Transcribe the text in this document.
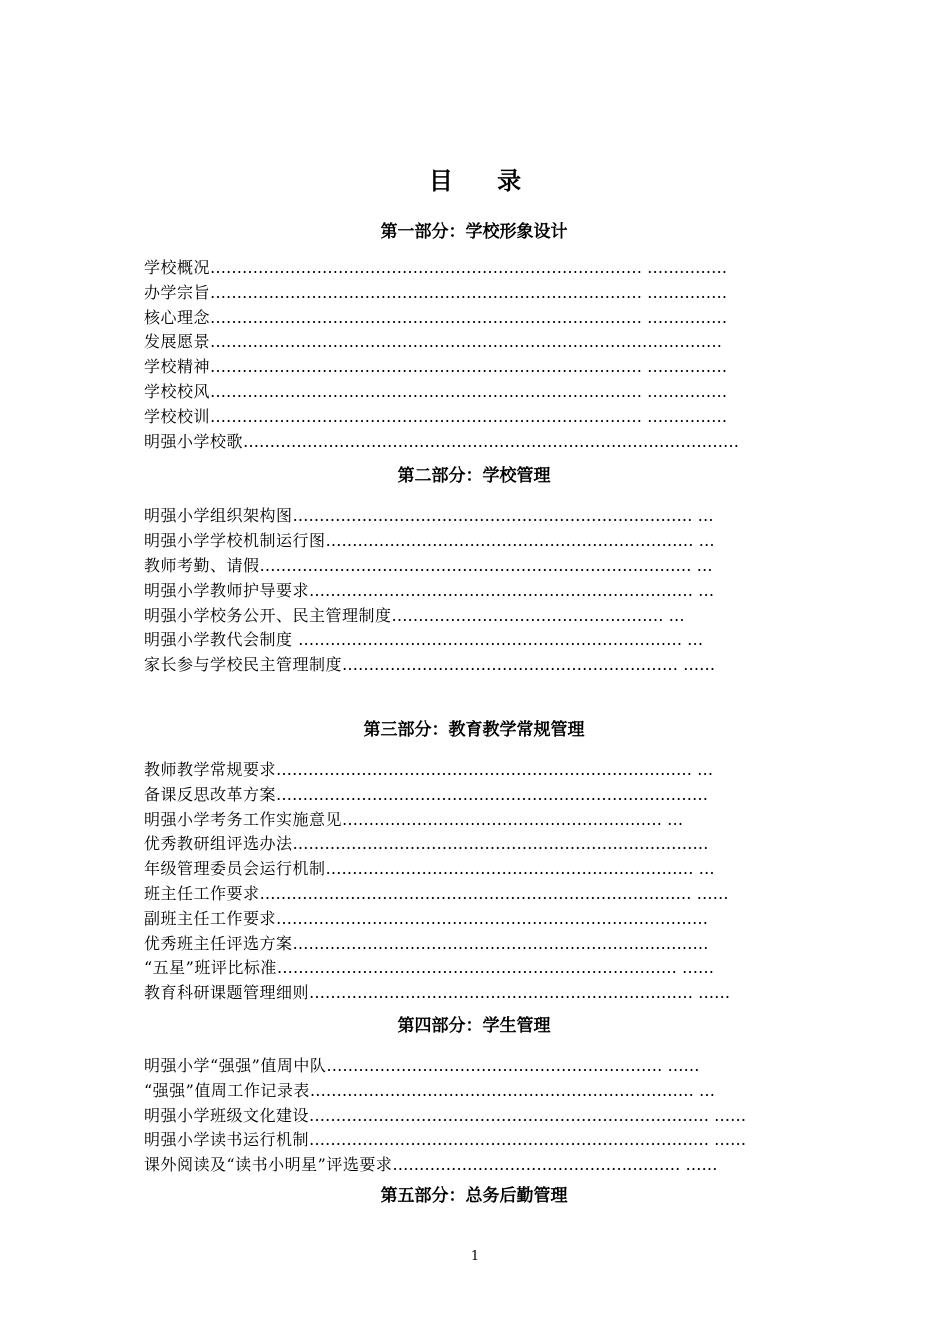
目 录
第一部分：学校形象设计
学校概况……………………………………………………………………… ……………
办学宗旨……………………………………………………………………… ……………
核心理念……………………………………………………………………… ……………
发展愿景……………………………………………………………………………………
学校精神……………………………………………………………………… ……………
学校校风……………………………………………………………………… ……………
学校校训……………………………………………………………………… ……………
明强小学校歌…………………………………………………………………………………
第二部分：学校管理
明强小学组织架构图………………………………………………………………… …
明强小学学校机制运行图…………………………………………………………… …
教师考勤、请假……………………………………………………………………… …
明强小学教师护导要求……………………………………………………………… …
明强小学校务公开、民主管理制度…………………………………………… …
明强小学教代会制度 ……………………………………………………………… …
家长参与学校民主管理制度……………………………………………………… ……
第三部分：教育教学常规管理
教师教学常规要求…………………………………………………………………… …
备课反思改革方案………………………………………………………………………
明强小学考务工作实施意见…………………………………………………… …
优秀教研组评选办法……………………………………………………………………
年级管理委员会运行机制…………………………………………………………… …
班主任工作要求……………………………………………………………………… ……
副班主任工作要求………………………………………………………………………
优秀班主任评选方案……………………………………………………………………
“五星”班评比标准………………………………………………………………… ……
教育科研课题管理细则……………………………………………………………… ……
第四部分：学生管理
明强小学“强强”值周中队……………………………………………………… ……
“强强”值周工作记录表……………………………………………………………… …
明强小学班级文化建设………………………………………………………………… ……
明强小学读书运行机制………………………………………………………………… ……
课外阅读及“读书小明星”评选要求……………………………………………… ……
第五部分：总务后勤管理
1
